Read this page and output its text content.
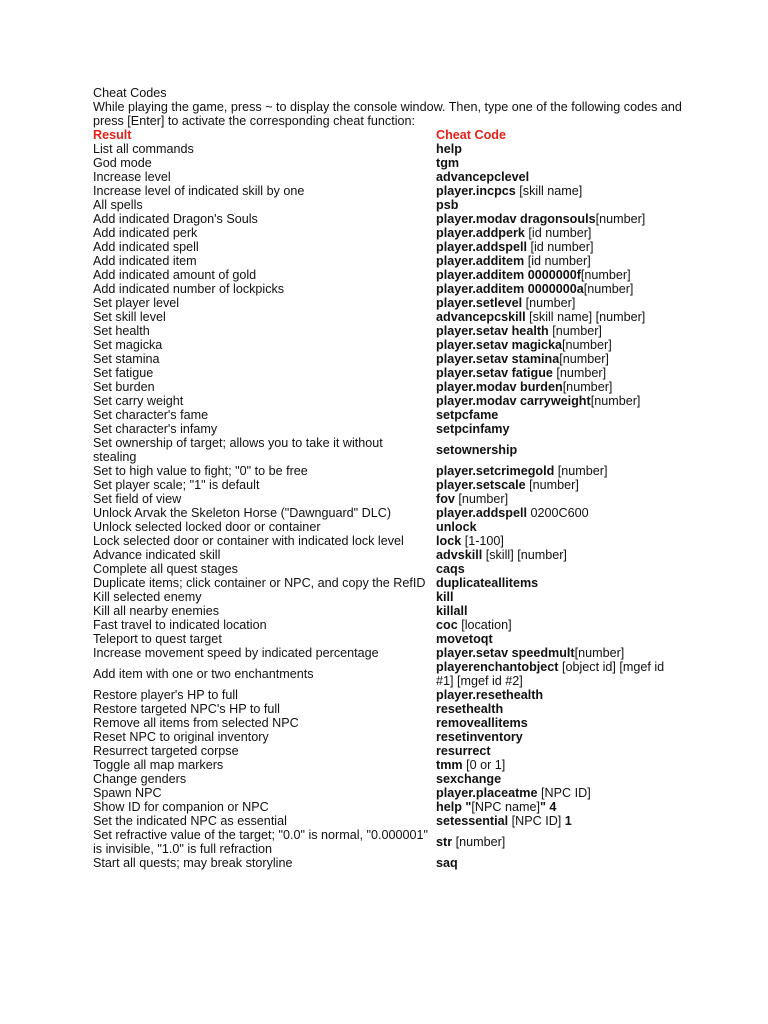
Cheat Codes
While playing the game, press ~ to display the console window. Then, type one of the following codes and press [Enter] to activate the corresponding cheat function:
Result	Cheat Code
List all commands	help
God mode	tgm
Increase level	advancepclevel
Increase level of indicated skill by one	player.incpcs [skill name]
All spells	psb
Add indicated Dragon's Souls	player.modav dragonsouls[number]
Add indicated perk	player.addperk [id number]
Add indicated spell	player.addspell [id number]
Add indicated item	player.additem [id number]
Add indicated amount of gold	player.additem 0000000f[number]
Add indicated number of lockpicks	player.additem 0000000a[number]
Set player level	player.setlevel [number]
Set skill level	advancepcskill [skill name] [number]
Set health	player.setav health [number]
Set magicka	player.setav magicka[number]
Set stamina	player.setav stamina[number]
Set fatigue	player.setav fatigue [number]
Set burden	player.modav burden[number]
Set carry weight	player.modav carryweight[number]
Set character's fame	setpcfame
Set character's infamy	setpcinfamy
Set ownership of target; allows you to take it without stealing	setownership
Set to high value to fight; "0" to be free	player.setcrimegold [number]
Set player scale; "1" is default	player.setscale [number]
Set field of view	fov [number]
Unlock Arvak the Skeleton Horse ("Dawnguard" DLC)	player.addspell 0200C600
Unlock selected locked door or container	unlock
Lock selected door or container with indicated lock level	lock [1-100]
Advance indicated skill	advskill [skill] [number]
Complete all quest stages	caqs
Duplicate items; click container or NPC, and copy the RefID	duplicateallitems
Kill selected enemy	kill
Kill all nearby enemies	killall
Fast travel to indicated location	coc [location]
Teleport to quest target	movetoqt
Increase movement speed by indicated percentage	player.setav speedmult[number]
Add item with one or two enchantments	playerenchantobject [object id] [mgef id #1] [mgef id #2]
Restore player's HP to full	player.resethealth
Restore targeted NPC's HP to full	resethealth
Remove all items from selected NPC	removeallitems
Reset NPC to original inventory	resetinventory
Resurrect targeted corpse	resurrect
Toggle all map markers	tmm [0 or 1]
Change genders	sexchange
Spawn NPC	player.placeatme [NPC ID]
Show ID for companion or NPC	help "[NPC name]" 4
Set the indicated NPC as essential	setessential [NPC ID] 1
Set refractive value of the target; "0.0" is normal, "0.000001" is invisible, "1.0" is full refraction	str [number]
Start all quests; may break storyline	saq
